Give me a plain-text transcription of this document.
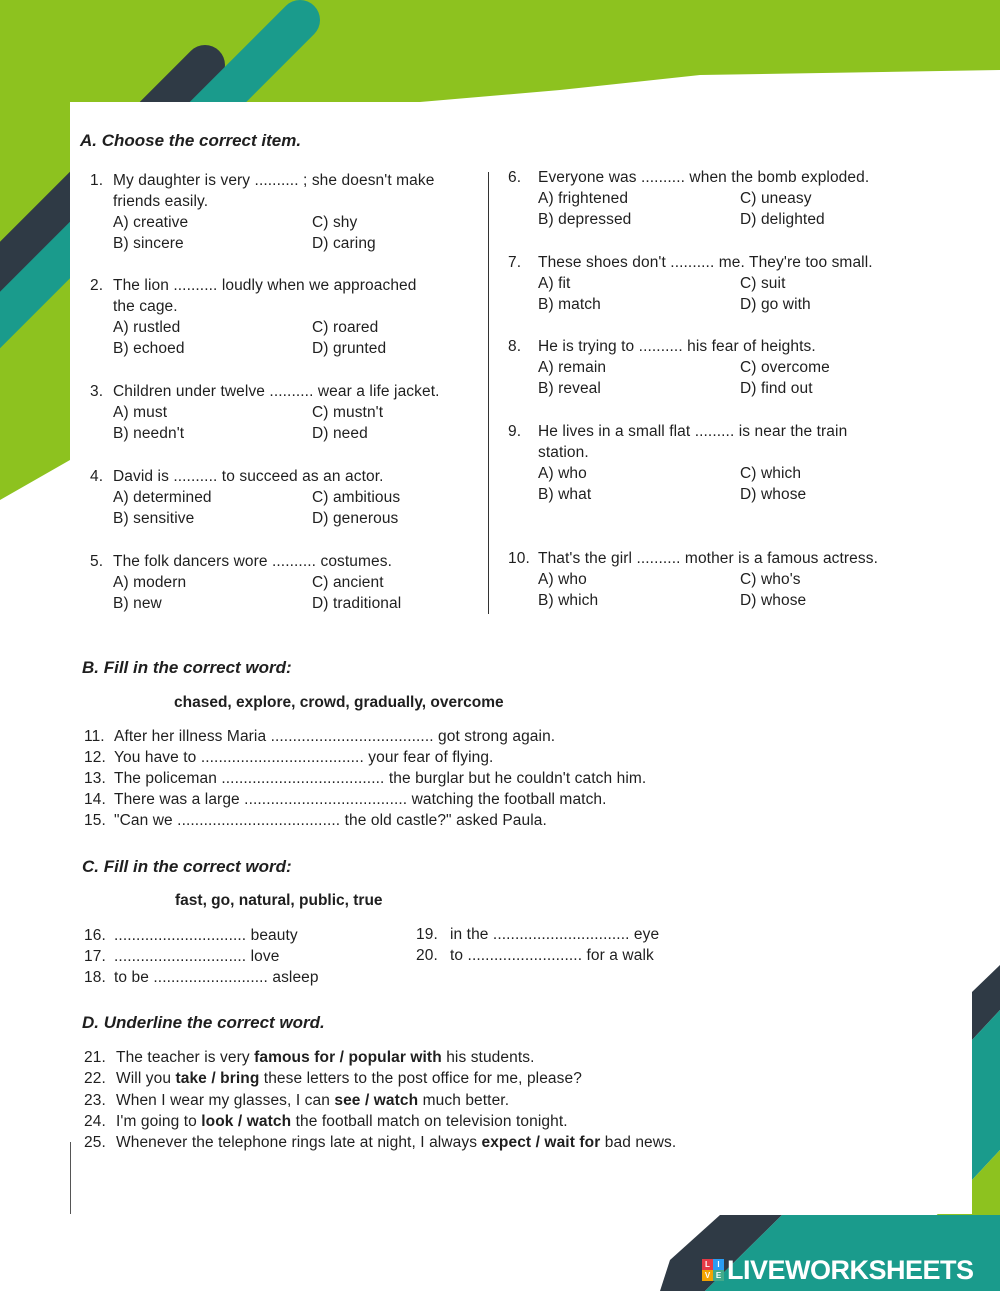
A. Choose the correct item.
1. My daughter is very .......... ; she doesn't make
friends easily.
A) creative	C) shy
B) sincere	D) caring
2. The lion .......... loudly when we approached
the cage.
A) rustled	C) roared
B) echoed	D) grunted
3. Children under twelve .......... wear a life jacket.
A) must	C) mustn't
B) needn't	D) need
4. David is .......... to succeed as an actor.
A) determined	C) ambitious
B) sensitive	D) generous
5. The folk dancers wore .......... costumes.
A) modern	C) ancient
B) new	D) traditional
6. Everyone was .......... when the bomb exploded.
A) frightened	C) uneasy
B) depressed	D) delighted
7. These shoes don't .......... me. They're too small.
A) fit	C) suit
B) match	D) go with
8. He is trying to .......... his fear of heights.
A) remain	C) overcome
B) reveal	D) find out
9. He lives in a small flat ......... is near the train
station.
A) who	C) which
B) what	D) whose
10. That's the girl .......... mother is a famous actress.
A) who	C) who's
B) which	D) whose
B. Fill in the correct word:
chased, explore, crowd, gradually, overcome
11. After her illness Maria ..................................... got strong again.
12. You have to ..................................... your fear of flying.
13. The policeman ..................................... the burglar but he couldn't catch him.
14. There was a large ..................................... watching the football match.
15. "Can we ..................................... the old castle?" asked Paula.
C. Fill in the correct word:
fast, go, natural, public, true
16. .............................. beauty
17. .............................. love
18. to be .......................... asleep
19. in the ............................... eye
20. to .......................... for a walk
D. Underline the correct word.
21. The teacher is very famous for / popular with his students.
22. Will you take / bring these letters to the post office for me, please?
23. When I wear my glasses, I can see / watch much better.
24. I'm going to look / watch the football match on television tonight.
25. Whenever the telephone rings late at night, I always expect / wait for bad news.
L I
V E LIVEWORKSHEETS
